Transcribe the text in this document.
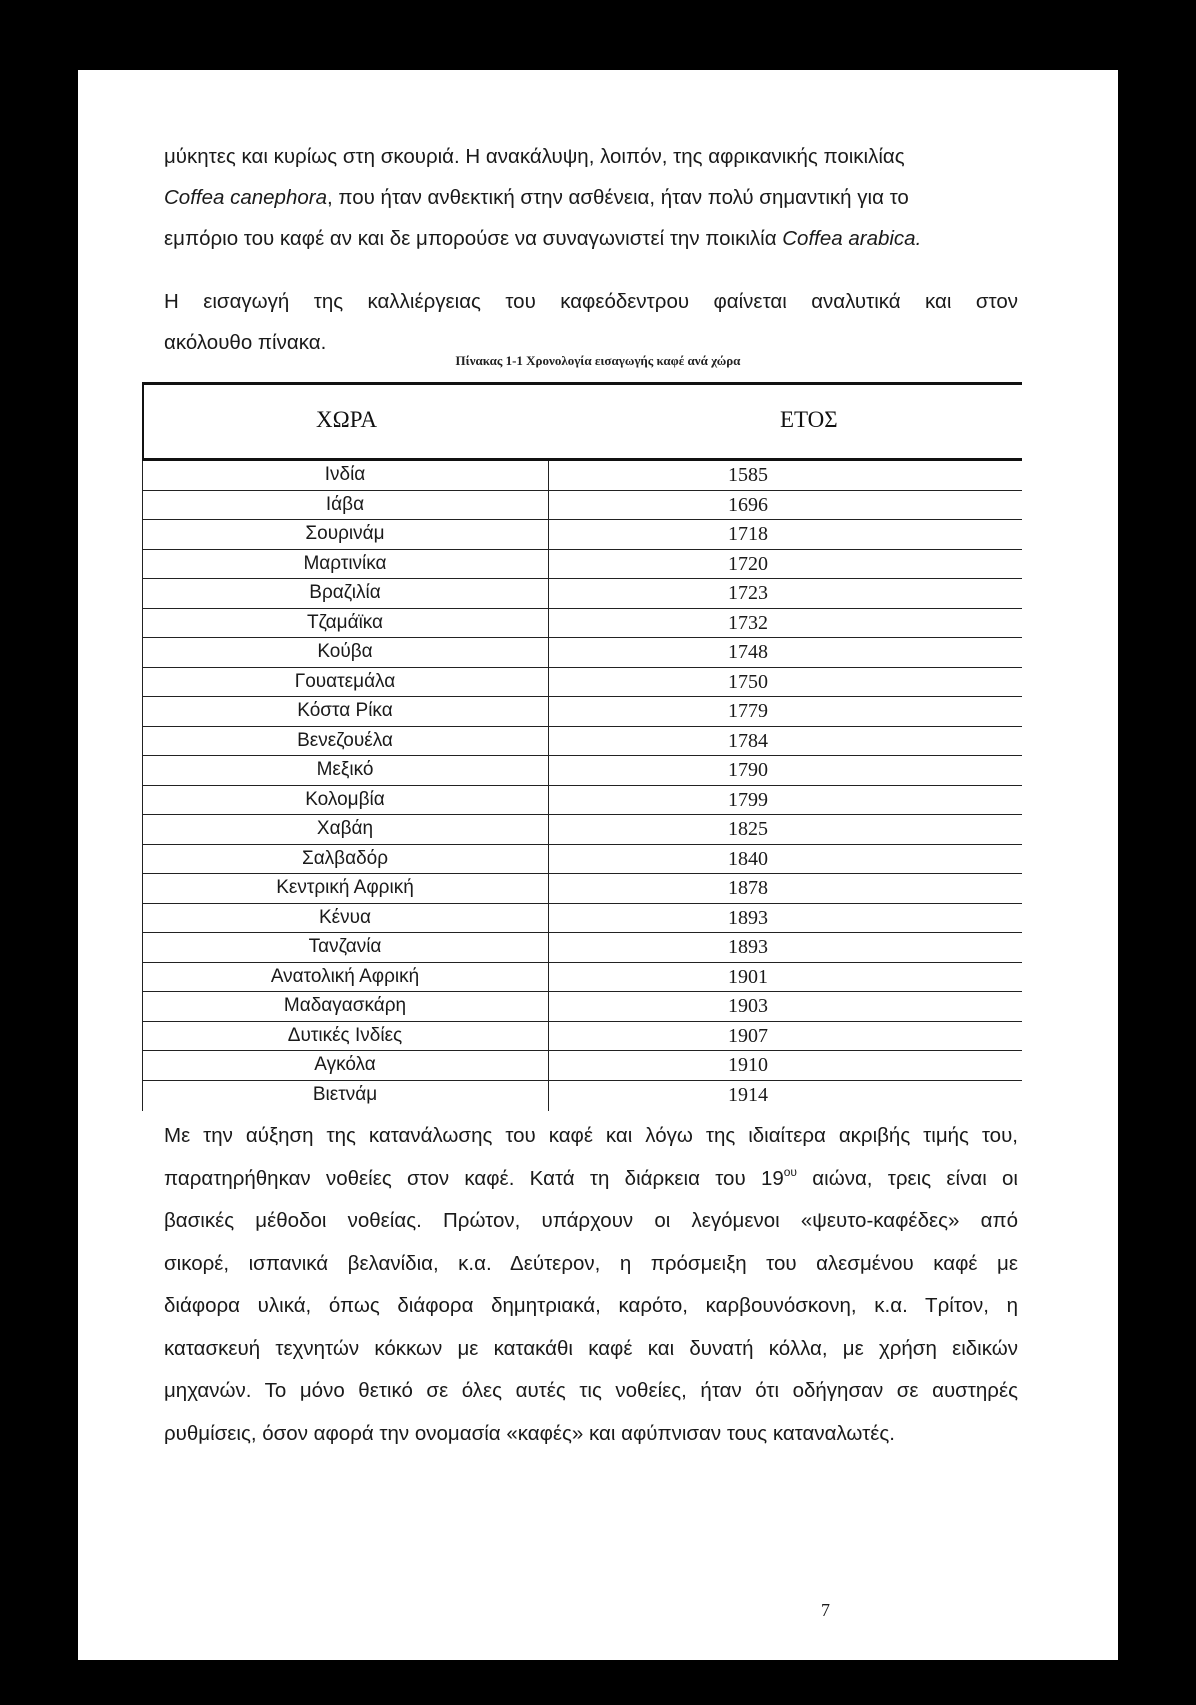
μύκητες και κυρίως στη σκουριά. Η ανακάλυψη, λοιπόν, της αφρικανικής ποικιλίας
Coffea canephora, που ήταν ανθεκτική στην ασθένεια, ήταν πολύ σημαντική για το
εμπόριο του καφέ αν και δε μπορούσε να συναγωνιστεί την ποικιλία Coffea arabica.
Η εισαγωγή της καλλιέργειας του καφεόδεντρου φαίνεται αναλυτικά και στον
ακόλουθο πίνακα.
Πίνακας 1-1 Χρονολογία εισαγωγής καφέ ανά χώρα
ΧΩΡΑ	ΕΤΟΣ
Ινδία	1585
Ιάβα	1696
Σουρινάμ	1718
Μαρτινίκα	1720
Βραζιλία	1723
Τζαμάϊκα	1732
Κούβα	1748
Γουατεμάλα	1750
Κόστα Ρίκα	1779
Βενεζουέλα	1784
Μεξικό	1790
Κολομβία	1799
Χαβάη	1825
Σαλβαδόρ	1840
Κεντρική Αφρική	1878
Κένυα	1893
Τανζανία	1893
Ανατολική Αφρική	1901
Μαδαγασκάρη	1903
Δυτικές Ινδίες	1907
Αγκόλα	1910
Βιετνάμ	1914
Με την αύξηση της κατανάλωσης του καφέ και λόγω της ιδιαίτερα ακριβής τιμής του,
παρατηρήθηκαν νοθείες στον καφέ. Κατά τη διάρκεια του $19^{o\upsilon}$ αιώνα, τρεις είναι οι
βασικές μέθοδοι νοθείας. Πρώτον, υπάρχουν οι λεγόμενοι «ψευτο-καφέδες» από
σικορέ, ισπανικά βελανίδια, κ.α. Δεύτερον, η πρόσμειξη του αλεσμένου καφέ με
διάφορα υλικά, όπως διάφορα δημητριακά, καρότο, καρβουνόσκονη, κ.α. Τρίτον, η
κατασκευή τεχνητών κόκκων με κατακάθι καφέ και δυνατή κόλλα, με χρήση ειδικών
μηχανών. Το μόνο θετικό σε όλες αυτές τις νοθείες, ήταν ότι οδήγησαν σε αυστηρές
ρυθμίσεις, όσον αφορά την ονομασία «καφές» και αφύπνισαν τους καταναλωτές.
7
